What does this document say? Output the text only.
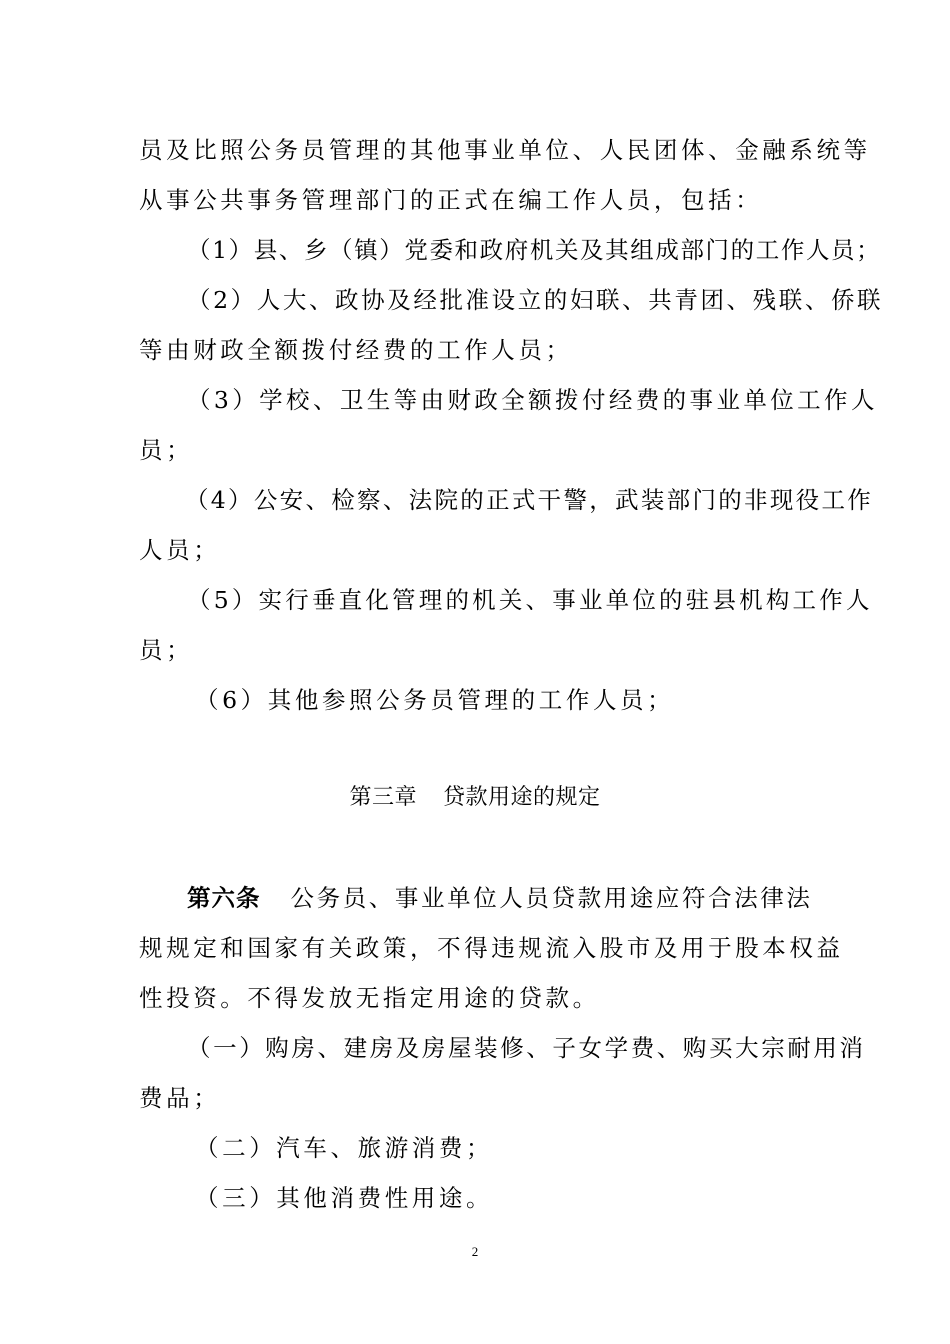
员及比照公务员管理的其他事业单位、人民团体、金融系统等
从事公共事务管理部门的正式在编工作人员，包括：
（1）县、乡（镇）党委和政府机关及其组成部门的工作人员；
（2）人大、政协及经批准设立的妇联、共青团、残联、侨联
等由财政全额拨付经费的工作人员；
（3）学校、卫生等由财政全额拨付经费的事业单位工作人
员；
（4）公安、检察、法院的正式干警，武装部门的非现役工作
人员；
（5）实行垂直化管理的机关、事业单位的驻县机构工作人
员；
（6）其他参照公务员管理的工作人员；
第三章 贷款用途的规定
第六条 公务员、事业单位人员贷款用途应符合法律法
规规定和国家有关政策，不得违规流入股市及用于股本权益
性投资。不得发放无指定用途的贷款。
（一）购房、建房及房屋装修、子女学费、购买大宗耐用消
费品；
（二）汽车、旅游消费；
（三）其他消费性用途。
2
